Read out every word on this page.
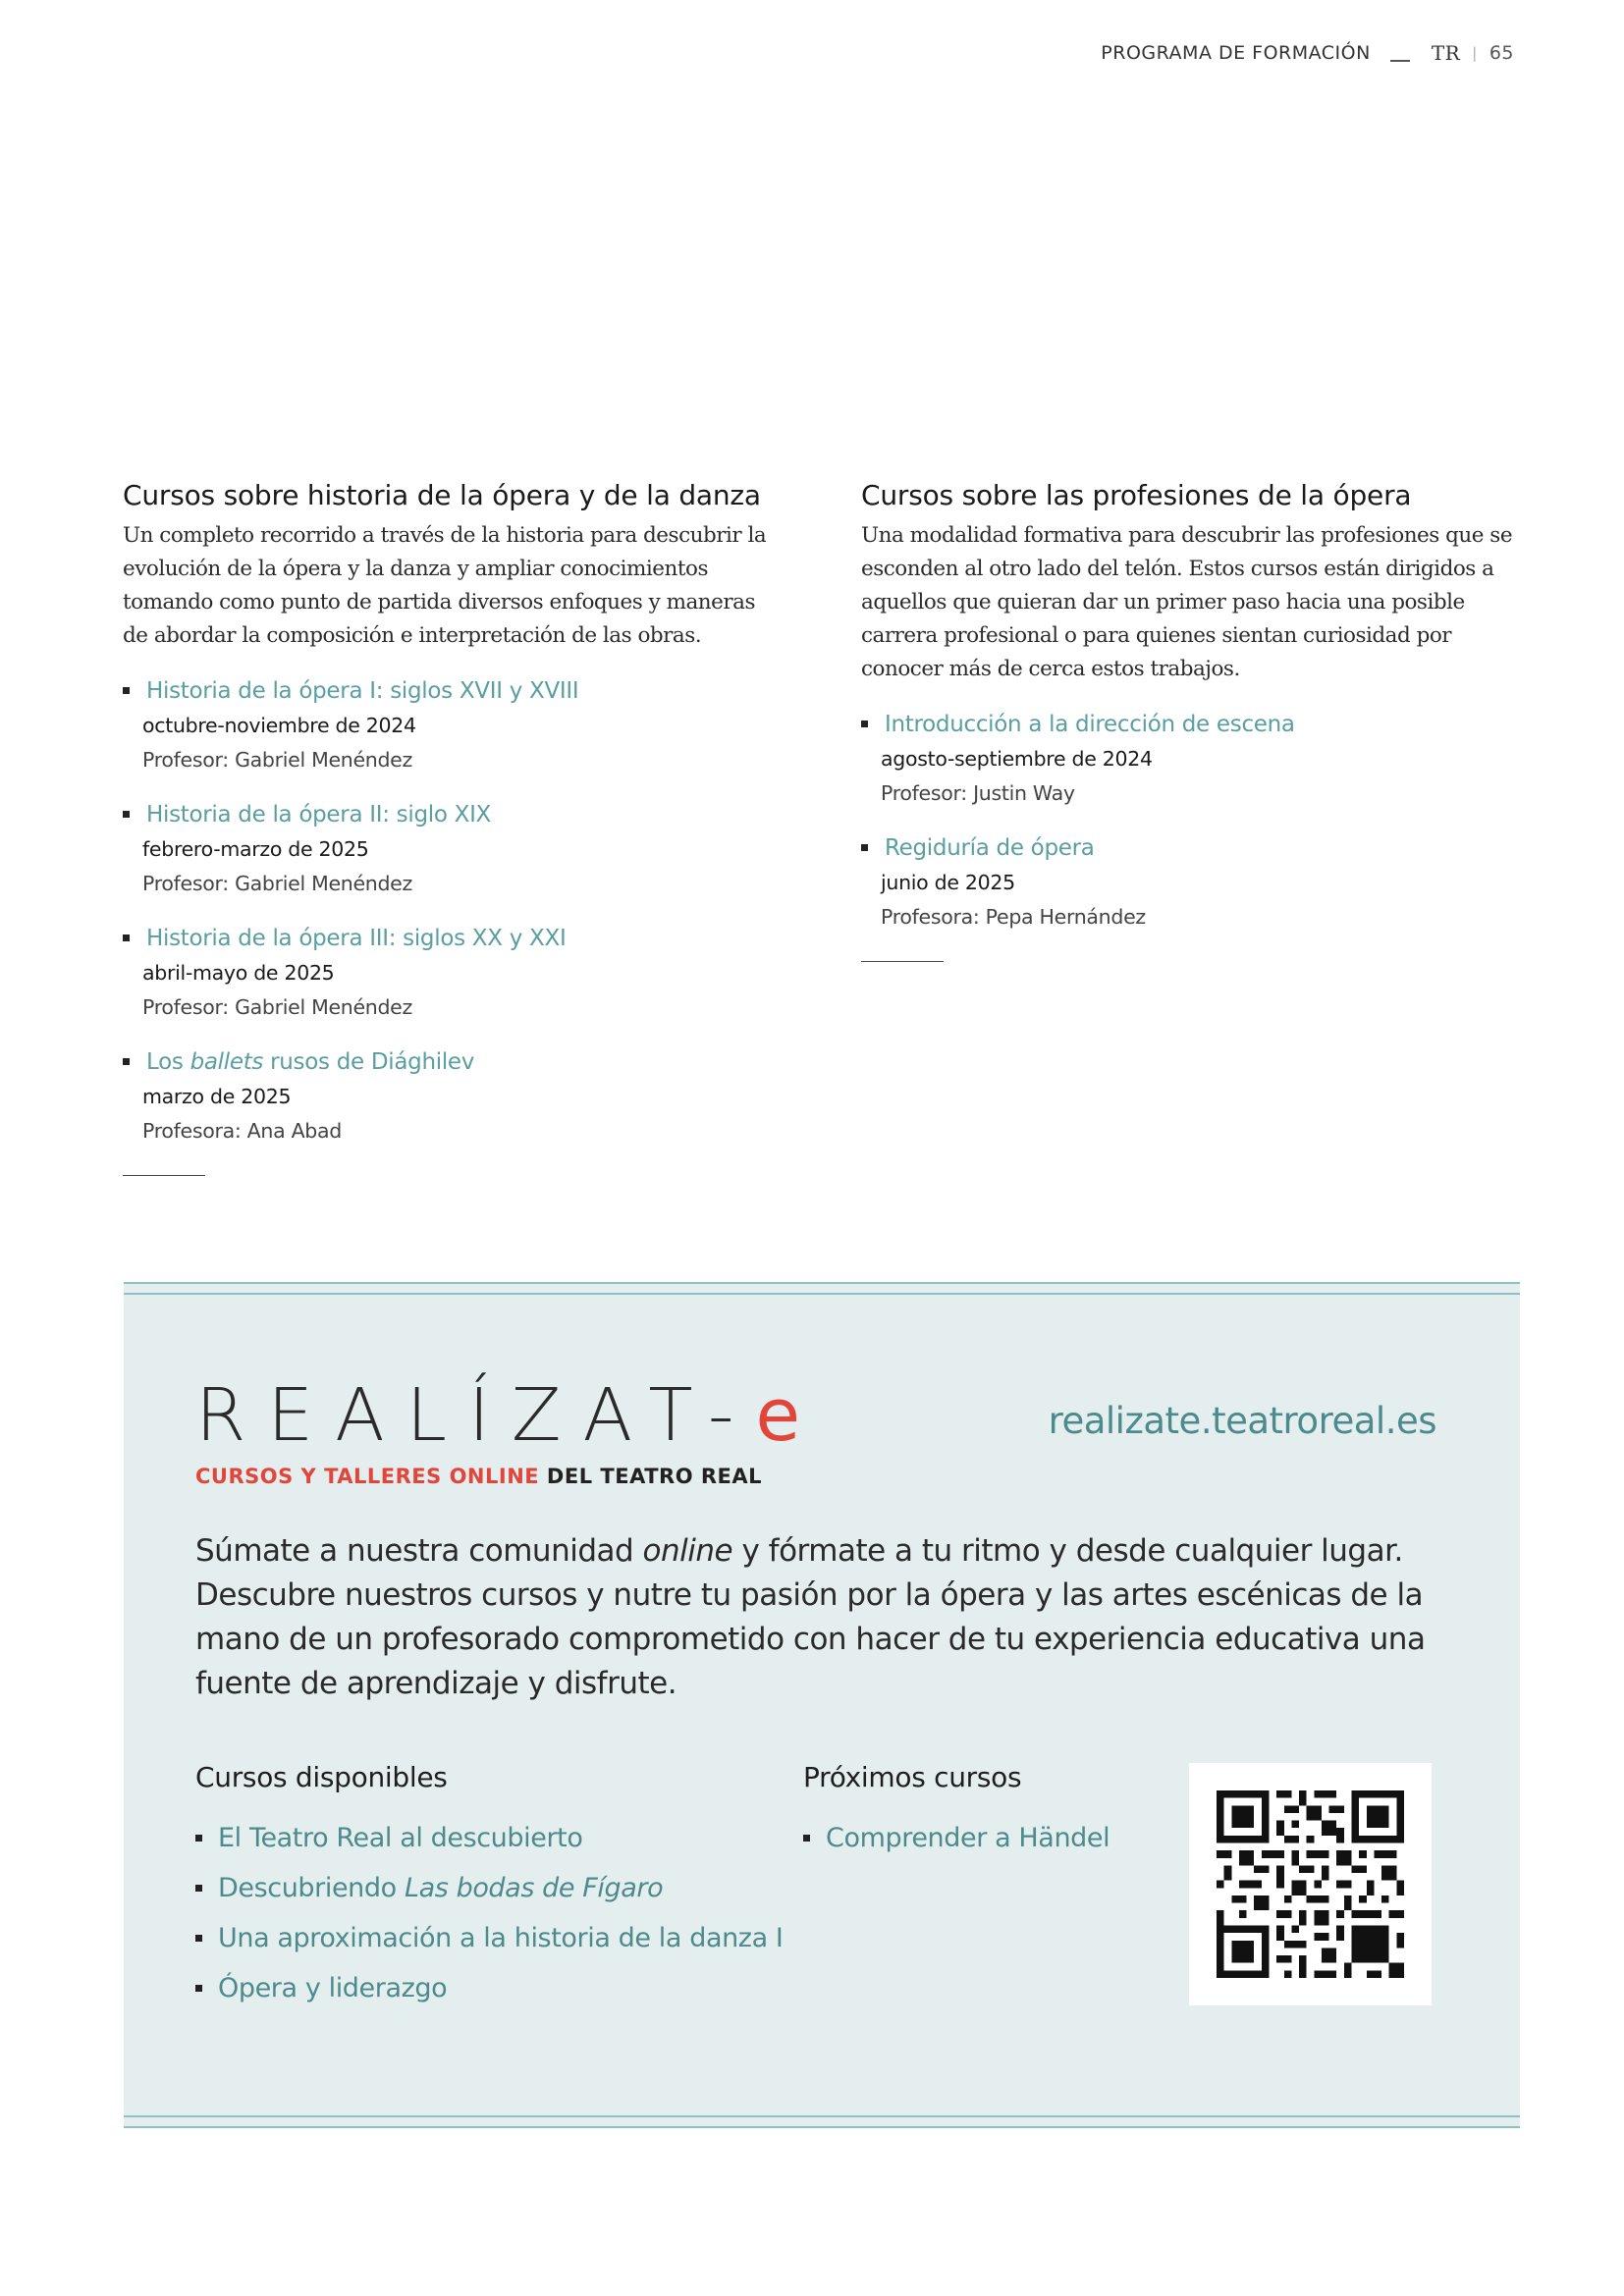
PROGRAMA DE FORMACIÓN	TR | 65
Cursos sobre historia de la ópera y de la danza

Un completo recorrido a través de la historia para descubrir la evolución de la ópera y la danza y ampliar conocimientos tomando como punto de partida diversos enfoques y maneras de abordar la composición e interpretación de las obras.

Historia de la ópera I: siglos XVII y XVIII
octubre-noviembre de 2024
Profesor: Gabriel Menéndez
Historia de la ópera II: siglo XIX
febrero-marzo de 2025
Profesor: Gabriel Menéndez
Historia de la ópera III: siglos XX y XXI
abril-mayo de 2025
Profesor: Gabriel Menéndez
Los ballets rusos de Diághilev
marzo de 2025
Profesora: Ana Abad
Cursos sobre las profesiones de la ópera

Una modalidad formativa para descubrir las profesiones que se esconden al otro lado del telón. Estos cursos están dirigidos a aquellos que quieran dar un primer paso hacia una posible carrera profesional o para quienes sientan curiosidad por conocer más de cerca estos trabajos.

Introducción a la dirección de escena
agosto-septiembre de 2024
Profesor: Justin Way
Regiduría de ópera
junio de 2025
Profesora: Pepa Hernández
REALÍZAT-e
CURSOS Y TALLERES ONLINE DEL TEATRO REAL
realizate.teatroreal.es
Súmate a nuestra comunidad online y fórmate a tu ritmo y desde cualquier lugar. Descubre nuestros cursos y nutre tu pasión por la ópera y las artes escénicas de la mano de un profesorado comprometido con hacer de tu experiencia educativa una fuente de aprendizaje y disfrute.
Cursos disponibles
El Teatro Real al descubierto
Descubriendo Las bodas de Fígaro
Una aproximación a la historia de la danza I
Ópera y liderazgo
Próximos cursos
Comprender a Händel
